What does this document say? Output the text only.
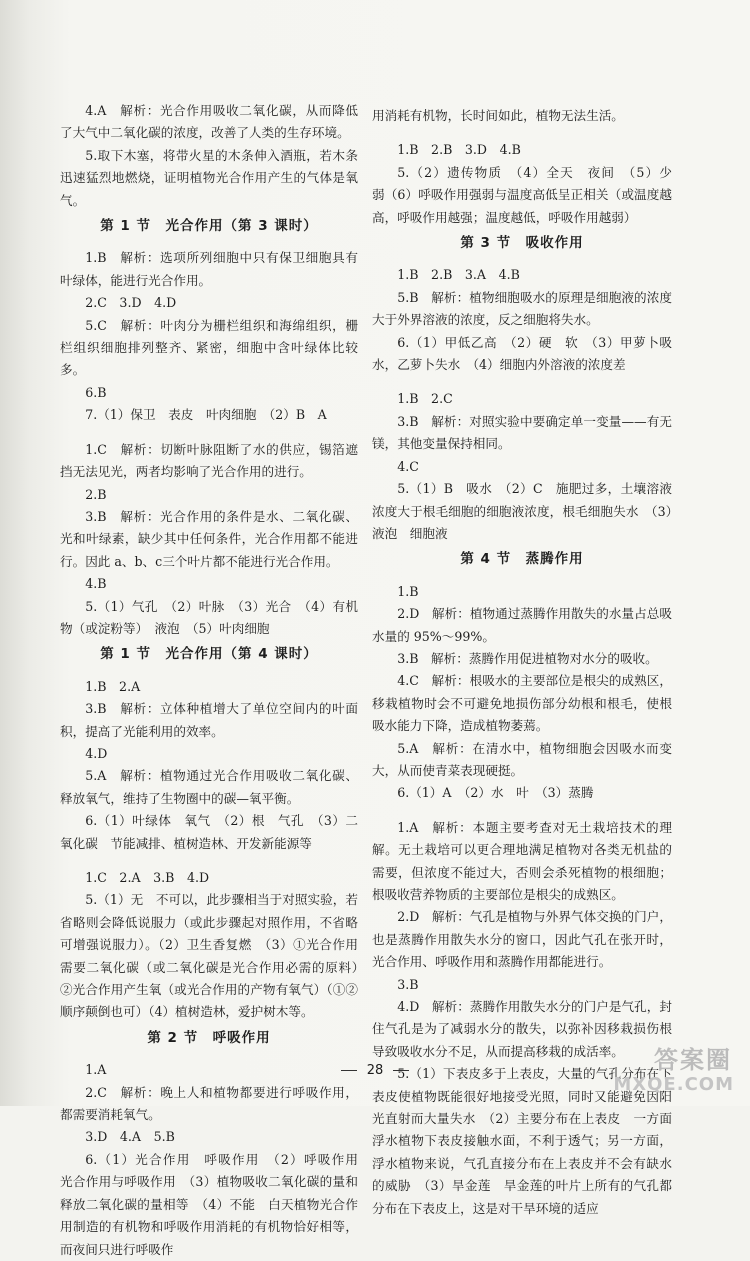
4.A　解析：光合作用吸收二氧化碳，从而降低了大气中二氧化碳的浓度，改善了人类的生存环境。

5.取下木塞，将带火星的木条伸入酒瓶，若木条迅速猛烈地燃烧，证明植物光合作用产生的气体是氧气。

第 1 节　光合作用（第 3 课时）

1.B　解析：选项所列细胞中只有保卫细胞具有叶绿体，能进行光合作用。

2.C　3.D　4.D

5.C　解析：叶肉分为栅栏组织和海绵组织，栅栏组织细胞排列整齐、紧密，细胞中含叶绿体比较多。

6.B

7.（1）保卫　表皮　叶肉细胞　（2）B　A

1.C　解析：切断叶脉阻断了水的供应，锡箔遮挡无法见光，两者均影响了光合作用的进行。

2.B

3.B　解析：光合作用的条件是水、二氧化碳、光和叶绿素，缺少其中任何条件，光合作用都不能进行。因此 a、b、c三个叶片都不能进行光合作用。

4.B

5.（1）气孔　（2）叶脉　（3）光合　（4）有机物（或淀粉等）　液泡　（5）叶肉细胞

第 1 节　光合作用（第 4 课时）

1.B　2.A

3.B　解析：立体种植增大了单位空间内的叶面积，提高了光能利用的效率。

4.D

5.A　解析：植物通过光合作用吸收二氧化碳、释放氧气，维持了生物圈中的碳—氧平衡。

6.（1）叶绿体　氧气　（2）根　气孔　（3）二氧化碳　节能减排、植树造林、开发新能源等

1.C　2.A　3.B　4.D

5.（1）无　不可以，此步骤相当于对照实验，若省略则会降低说服力（或此步骤起对照作用，不省略可增强说服力）。（2）卫生香复燃　（3）①光合作用需要二氧化碳（或二氧化碳是光合作用必需的原料）　②光合作用产生氧（或光合作用的产物有氧气）（①②顺序颠倒也可）（4）植树造林，爱护树木等。

第 2 节　呼吸作用

1.A

2.C　解析：晚上人和植物都要进行呼吸作用，都需要消耗氧气。

3.D　4.A　5.B

6.（1）光合作用　呼吸作用　（2）呼吸作用　光合作用与呼吸作用　（3）植物吸收二氧化碳的量和释放二氧化碳的量相等　（4）不能　白天植物光合作用制造的有机物和呼吸作用消耗的有机物恰好相等，而夜间只进行呼吸作

用消耗有机物，长时间如此，植物无法生活。

1.B　2.B　3.D　4.B

5.（2）遗传物质　（4）全天　夜间　（5）少　弱（6）呼吸作用强弱与温度高低呈正相关（或温度越高，呼吸作用越强；温度越低，呼吸作用越弱）

第 3 节　吸收作用

1.B　2.B　3.A　4.B

5.B　解析：植物细胞吸水的原理是细胞液的浓度大于外界溶液的浓度，反之细胞将失水。

6.（1）甲低乙高　（2）硬　软　（3）甲萝卜吸水，乙萝卜失水　（4）细胞内外溶液的浓度差

1.B　2.C

3.B　解析：对照实验中要确定单一变量——有无镁，其他变量保持相同。

4.C

5.（1）B　吸水　（2）C　施肥过多，土壤溶液浓度大于根毛细胞的细胞液浓度，根毛细胞失水　（3）液泡　细胞液

第 4 节　蒸腾作用

1.B

2.D　解析：植物通过蒸腾作用散失的水量占总吸水量的 95%～99%。

3.B　解析：蒸腾作用促进植物对水分的吸收。

4.C　解析：根吸水的主要部位是根尖的成熟区，移栽植物时会不可避免地损伤部分幼根和根毛，使根吸水能力下降，造成植物萎蔫。

5.A　解析：在清水中，植物细胞会因吸水而变大，从而使青菜表现硬挺。

6.（1）A　（2）水　叶　（3）蒸腾

1.A　解析：本题主要考查对无土栽培技术的理解。无土栽培可以更合理地满足植物对各类无机盐的需要，但浓度不能过大，否则会杀死植物的根细胞；根吸收营养物质的主要部位是根尖的成熟区。

2.D　解析：气孔是植物与外界气体交换的门户，也是蒸腾作用散失水分的窗口，因此气孔在张开时，光合作用、呼吸作用和蒸腾作用都能进行。

3.B

4.D　解析：蒸腾作用散失水分的门户是气孔，封住气孔是为了减弱水分的散失，以弥补因移栽损伤根导致吸收水分不足，从而提高移栽的成活率。

5.（1）下表皮多于上表皮，大量的气孔分布在下表皮使植物既能很好地接受光照，同时又能避免因阳光直射而大量失水　（2）主要分布在上表皮　一方面浮水植物下表皮接触水面，不利于透气；另一方面，浮水植物来说，气孔直接分布在上表皮并不会有缺水的威胁　（3）旱金莲　旱金莲的叶片上所有的气孔都分布在下表皮上，这是对干旱环境的适应

28	答案圈
MXQE.COM
